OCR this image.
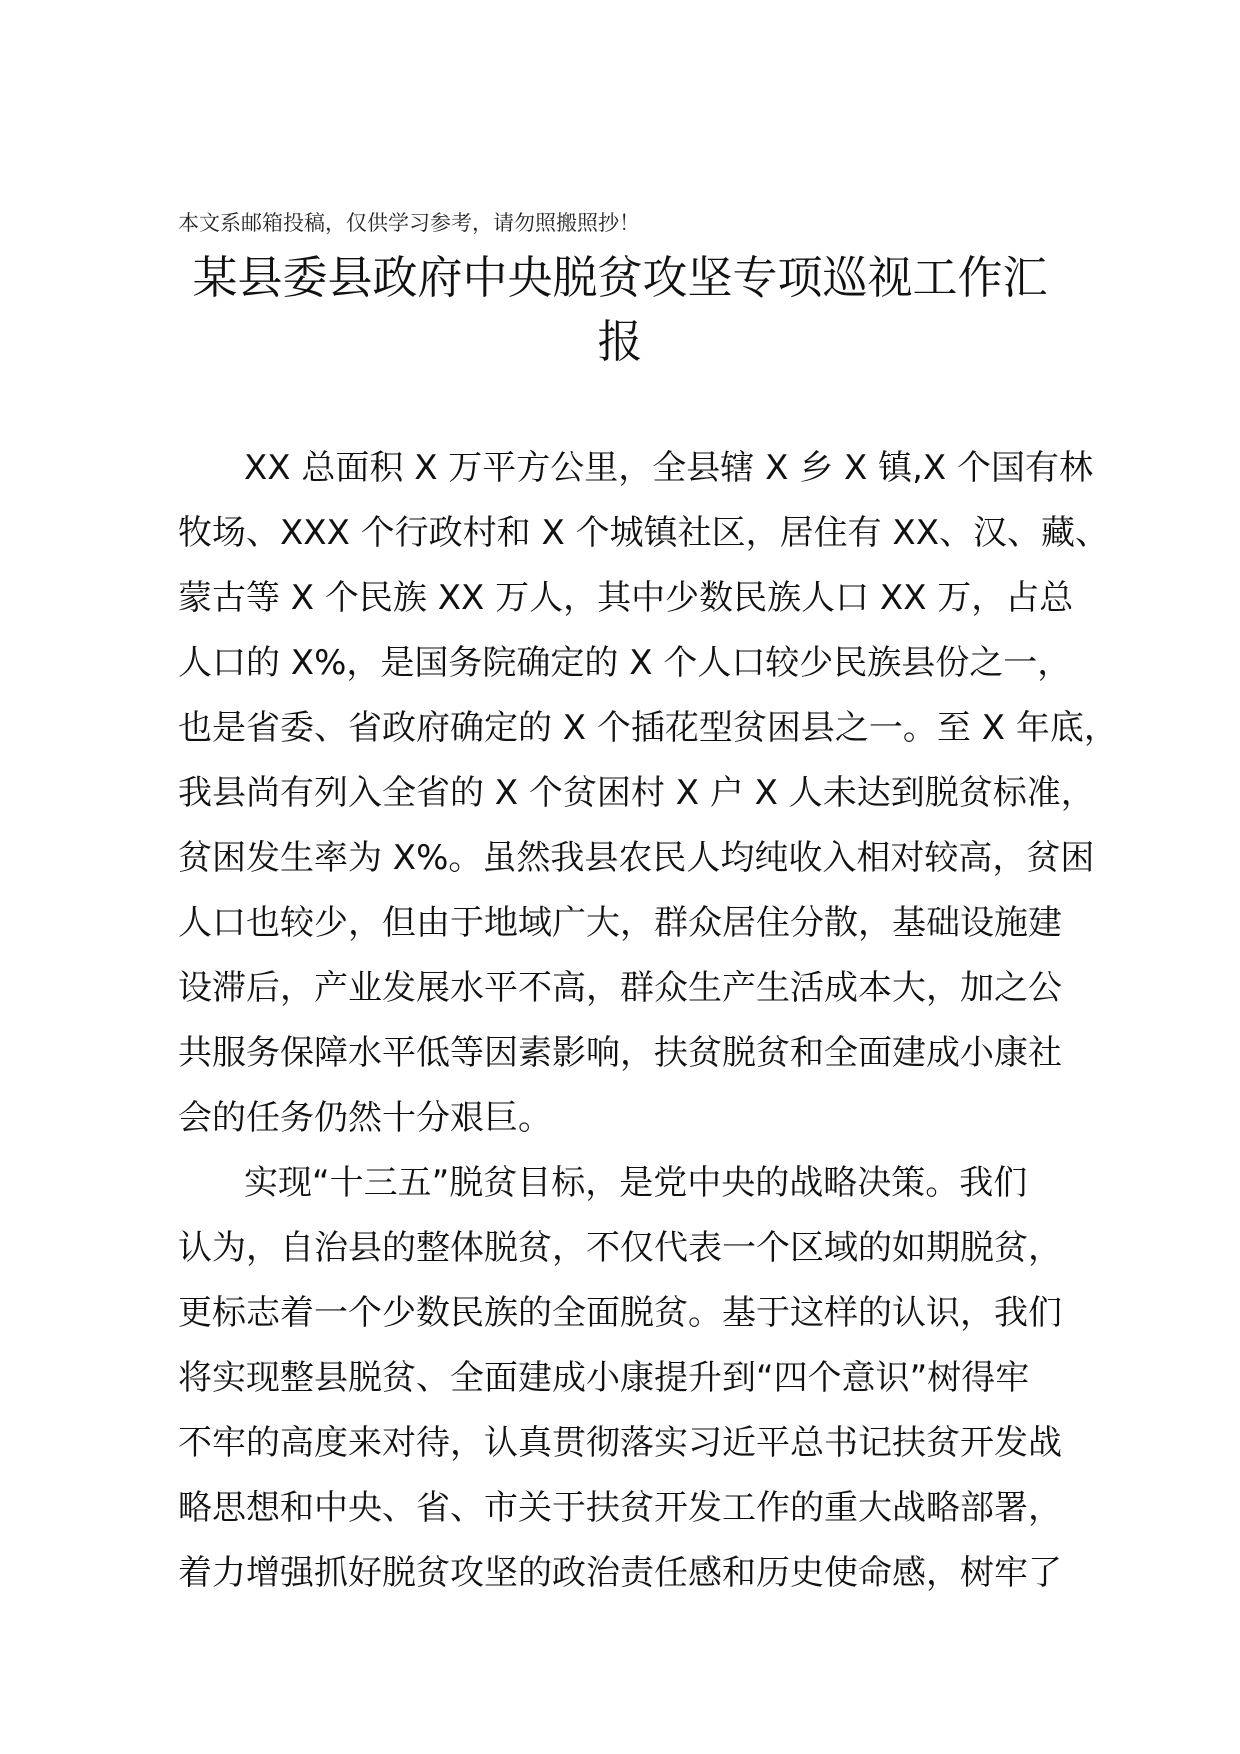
本文系邮箱投稿，仅供学习参考，请勿照搬照抄！
某县委县政府中央脱贫攻坚专项巡视工作汇
报
XX 总面积 X 万平方公里，全县辖 X 乡 X 镇,X 个国有林
牧场、XXX 个行政村和 X 个城镇社区，居住有 XX、汉、藏、
蒙古等 X 个民族 XX 万人，其中少数民族人口 XX 万，占总
人口的 X%，是国务院确定的 X 个人口较少民族县份之一，
也是省委、省政府确定的 X 个插花型贫困县之一。至 X 年底，
我县尚有列入全省的 X 个贫困村 X 户 X 人未达到脱贫标准，
贫困发生率为 X%。虽然我县农民人均纯收入相对较高，贫困
人口也较少，但由于地域广大，群众居住分散，基础设施建
设滞后，产业发展水平不高，群众生产生活成本大，加之公
共服务保障水平低等因素影响，扶贫脱贫和全面建成小康社
会的任务仍然十分艰巨。
实现“十三五”脱贫目标，是党中央的战略决策。我们
认为，自治县的整体脱贫，不仅代表一个区域的如期脱贫，
更标志着一个少数民族的全面脱贫。基于这样的认识，我们
将实现整县脱贫、全面建成小康提升到“四个意识”树得牢
不牢的高度来对待，认真贯彻落实习近平总书记扶贫开发战
略思想和中央、省、市关于扶贫开发工作的重大战略部署，
着力增强抓好脱贫攻坚的政治责任感和历史使命感，树牢了
